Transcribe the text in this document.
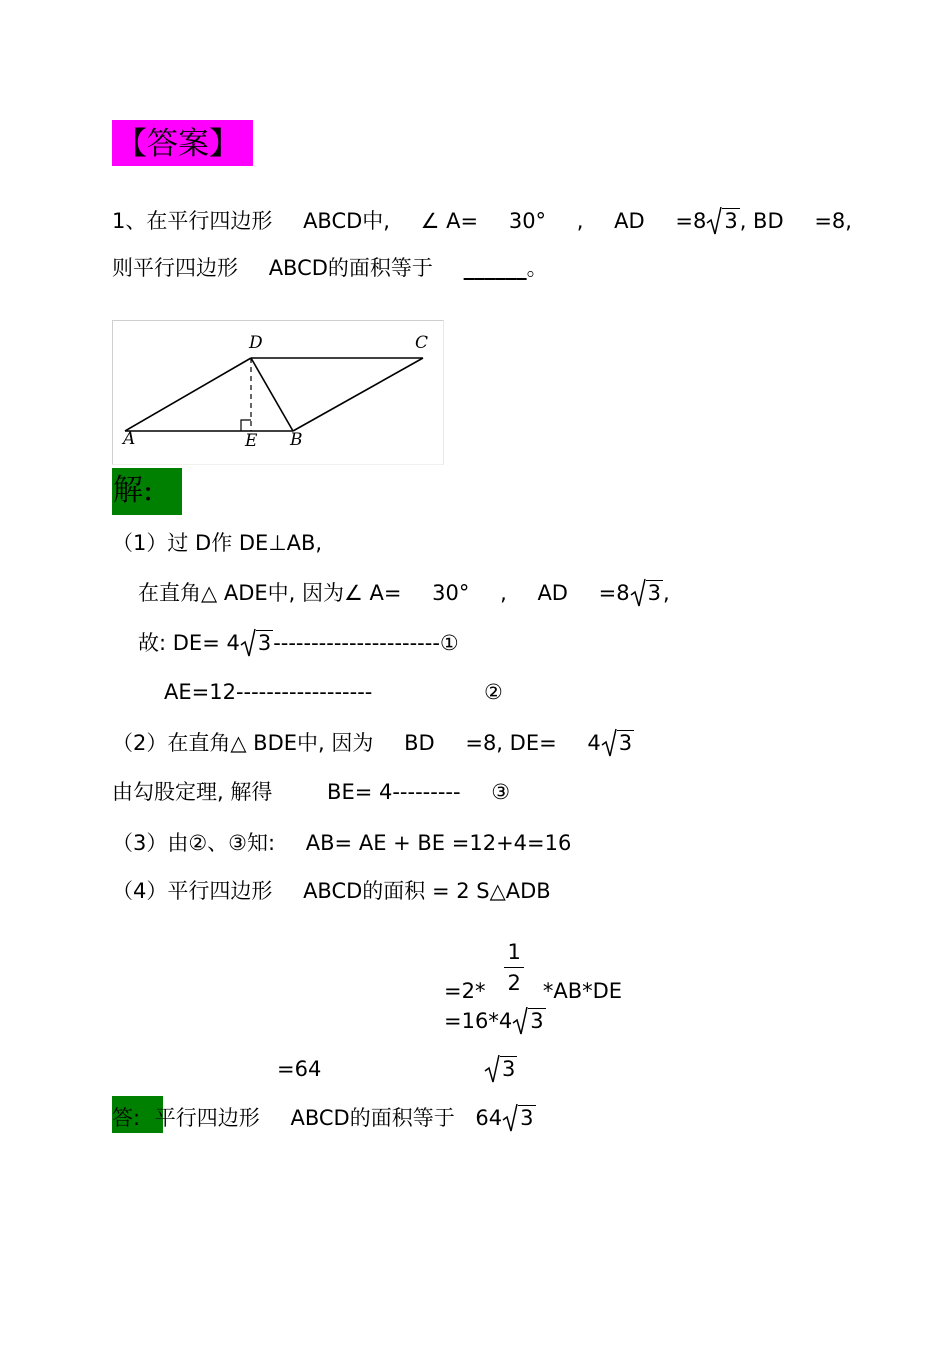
【答案】
1、在平行四边形 ABCD中, ∠ A= 30° , AD =8 3, BD =8,
则平行四边形 ABCD的面积等于 ______。
D	C
A	E B
解:
（1）过 D作 DE⊥AB,
在直角△ ADE中, 因为∠ A= 30° , AD =8 3,
故: DE= 4 3----------------------①
AE=12------------------	②
（2）在直角△ BDE中, 因为 BD =8, DE= 4 3
由勾股定理, 解得	BE= 4--------- ③
（3）由②、③知: AB= AE + BE =12+4=16
（4）平行四边形 ABCD的面积 = 2 S△ADB
$=2* \frac{1}{2} *AB*DE$
=16*4 3
=64	3
答: 平行四边形 ABCD的面积等于 64 3
